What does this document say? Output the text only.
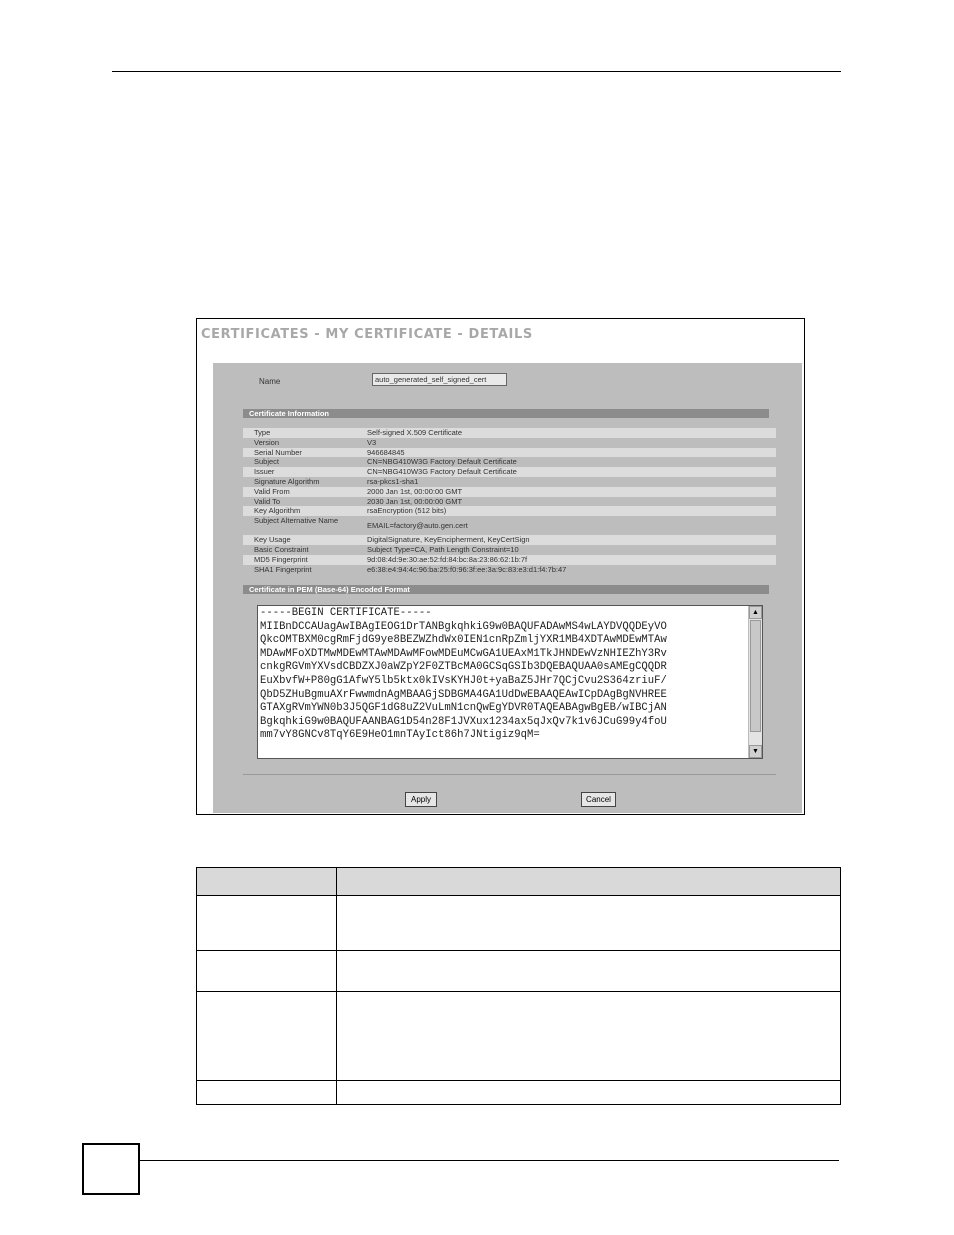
CERTIFICATES - MY CERTIFICATE - DETAILS
Name	auto_generated_self_signed_cert
Certificate Information
Type	Self-signed X.509 Certificate
Version	V3
Serial Number	946684845
Subject	CN=NBG410W3G Factory Default Certificate
Issuer	CN=NBG410W3G Factory Default Certificate
Signature Algorithm	rsa-pkcs1-sha1
Valid From	2000 Jan 1st, 00:00:00 GMT
Valid To	2030 Jan 1st, 00:00:00 GMT
Key Algorithm	rsaEncryption (512 bits)
Subject Alternative Name
EMAIL=factory@auto.gen.cert
Key Usage	DigitalSignature, KeyEncipherment, KeyCertSign
Basic Constraint	Subject Type=CA, Path Length Constraint=10
MD5 Fingerprint	9d:08:4d:9e:30:ae:52:fd:84:bc:8a:23:86:62:1b:7f
SHA1 Fingerprint	e6:38:e4:94:4c:96:ba:25:f0:96:3f:ee:3a:9c:83:e3:d1:f4:7b:47
Certificate in PEM (Base-64) Encoded Format
-----BEGIN CERTIFICATE-----
MIIBnDCCAUagAwIBAgIEOG1DrTANBgkqhkiG9w0BAQUFADAwMS4wLAYDVQQDEyVO
QkcOMTBXM0cgRmFjdG9ye8BEZWZhdWx0IEN1cnRpZmljYXR1MB4XDTAwMDEwMTAw
MDAwMFoXDTMwMDEwMTAwMDAwMFowMDEuMCwGA1UEAxM1TkJHNDEwVzNHIEZhY3Rv
cnkgRGVmYXVsdCBDZXJ0aWZpY2F0ZTBcMA0GCSqGSIb3DQEBAQUAA0sAMEgCQQDR
EuXbvfW+P80gG1AfwY5lb5ktx0kIVsKYHJ0t+yaBaZ5JHr7QCjCvu2S364zriuF/
QbD5ZHuBgmuAXrFwwmdnAgMBAAGjSDBGMA4GA1UdDwEBAAQEAwICpDAgBgNVHREE
GTAXgRVmYWN0b3J5QGF1dG8uZ2VuLmN1cnQwEgYDVR0TAQEABAgwBgEB/wIBCjAN
BgkqhkiG9w0BAQUFAANBAG1D54n28F1JVXux1234ax5qJxQv7k1v6JCuG99y4foU
mm7vY8GNCv8TqY6E9HeO1mnTAyIct86h7JNtigiz9qM=
▲
▼
Apply	Cancel
